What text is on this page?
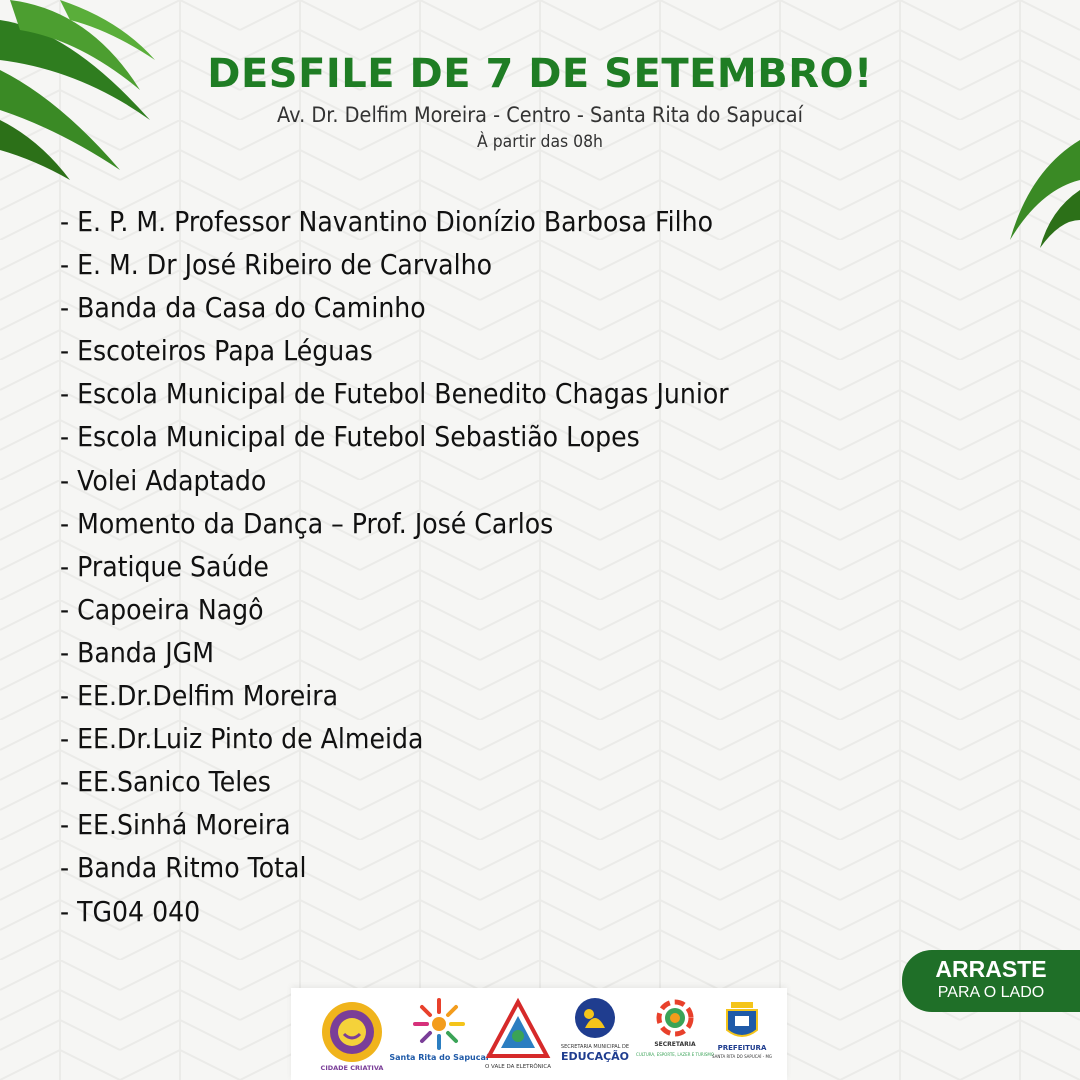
DESFILE DE 7 DE SETEMBRO!

Av. Dr. Delfim Moreira - Centro - Santa Rita do Sapucaí

À partir das 08h

- E. P. M. Professor Navantino Dionízio Barbosa Filho
- E. M. Dr José Ribeiro de Carvalho
- Banda da Casa do Caminho
- Escoteiros Papa Léguas
- Escola Municipal de Futebol Benedito Chagas Junior
- Escola Municipal de Futebol Sebastião Lopes
- Volei Adaptado
- Momento da Dança – Prof. José Carlos
- Pratique Saúde
- Capoeira Nagô
- Banda JGM
- EE.Dr.Delfim Moreira
- EE.Dr.Luiz Pinto de Almeida
- EE.Sanico Teles
- EE.Sinhá Moreira
- Banda Ritmo Total
- TG04 040
ARRASTE
PARA O LADO
CIDADE CRIATIVA
Santa Rita do Sapucaí
O VALE DA ELETRÔNICA
SECRETARIA MUNICIPAL DE
EDUCAÇÃO
SECRETARIA
CULTURA, ESPORTE, LAZER E TURISMO
PREFEITURA
SANTA RITA DO SAPUCAÍ - MG
